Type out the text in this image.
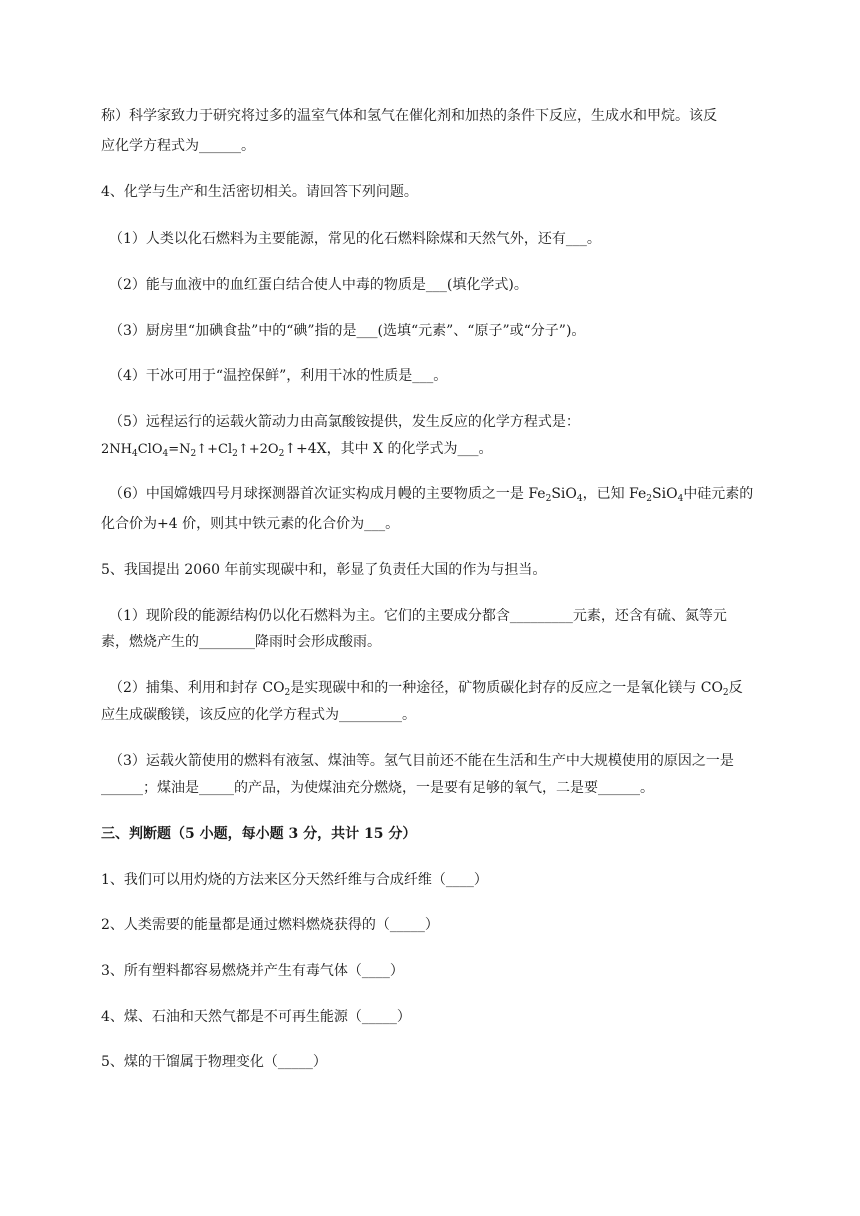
称）科学家致力于研究将过多的温室气体和氢气在催化剂和加热的条件下反应，生成水和甲烷。该反
应化学方程式为______。
4、化学与生产和生活密切相关。请回答下列问题。
（1）人类以化石燃料为主要能源，常见的化石燃料除煤和天然气外，还有___。
（2）能与血液中的血红蛋白结合使人中毒的物质是___(填化学式)。
（3）厨房里“加碘食盐”中的“碘”指的是___(选填“元素”、“原子”或“分子”)。
（4）干冰可用于“温控保鲜”，利用干冰的性质是___。
（5）远程运行的运载火箭动力由高氯酸铵提供，发生反应的化学方程式是：
$2NH_4ClO_4=N_2↑+Cl_2↑+2O_2↑+4X$，其中 X 的化学式为___。
（6）中国嫦娥四号月球探测器首次证实构成月幔的主要物质之一是 $Fe_2SiO_4$，已知 $Fe_2SiO_4$中硅元素的
化合价为+4 价，则其中铁元素的化合价为___。
5、我国提出 2060 年前实现碳中和，彰显了负责任大国的作为与担当。
（1）现阶段的能源结构仍以化石燃料为主。它们的主要成分都含_________元素，还含有硫、氮等元
素，燃烧产生的________降雨时会形成酸雨。
（2）捕集、利用和封存 $CO_2$是实现碳中和的一种途径，矿物质碳化封存的反应之一是氧化镁与 $CO_2$反
应生成碳酸镁，该反应的化学方程式为_________。
（3）运载火箭使用的燃料有液氢、煤油等。氢气目前还不能在生活和生产中大规模使用的原因之一是
______；煤油是_____的产品，为使煤油充分燃烧，一是要有足够的氧气，二是要______。
三、判断题（5 小题，每小题 3 分，共计 15 分）
1、我们可以用灼烧的方法来区分天然纤维与合成纤维（____）
2、人类需要的能量都是通过燃料燃烧获得的（_____）
3、所有塑料都容易燃烧并产生有毒气体（____）
4、煤、石油和天然气都是不可再生能源（_____）
5、煤的干馏属于物理变化（_____）
